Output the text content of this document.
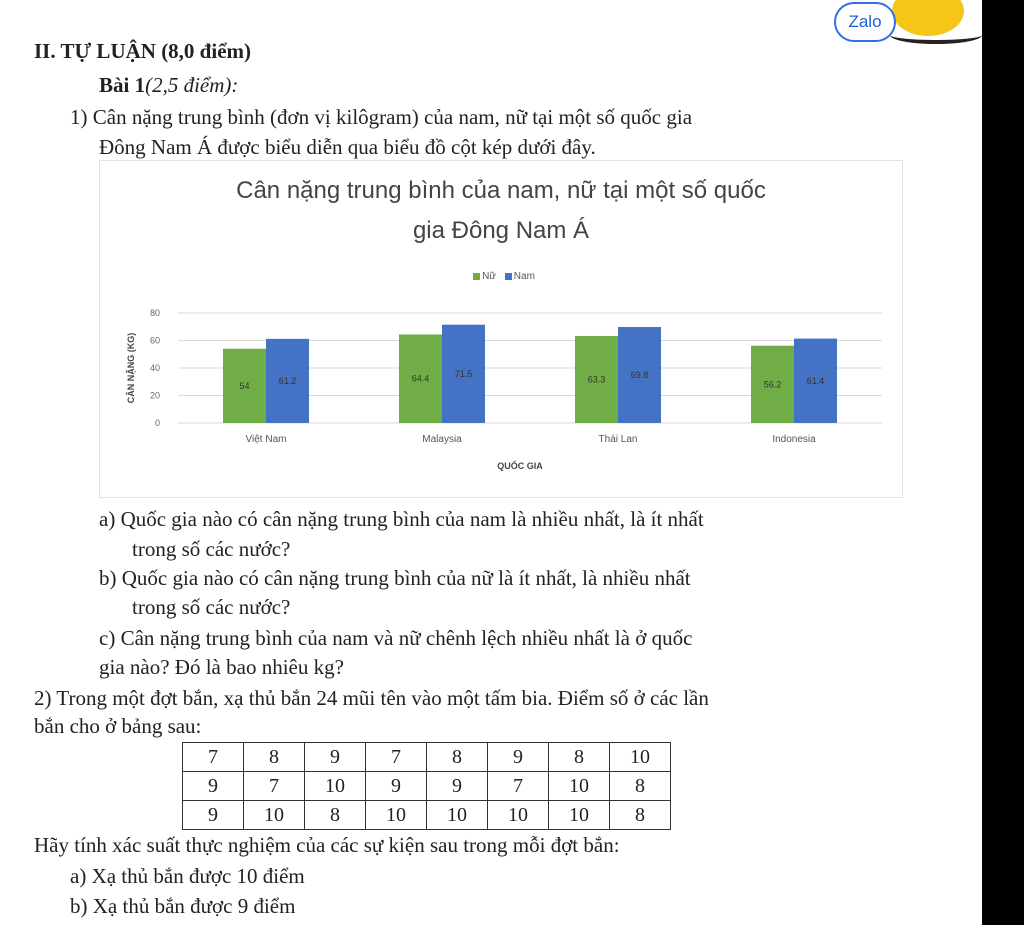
Zalo
II. TỰ LUẬN (8,0 điểm)
Bài 1(2,5 điểm):
1) Cân nặng trung bình (đơn vị kilôgram) của nam, nữ tại một số quốc gia
Đông Nam Á được biểu diễn qua biểu đồ cột kép dưới đây.
Cân nặng trung bình của nam, nữ tại một số quốc
gia Đông Nam Á
Nữ Nam
0
20
40
60
80
CÂN NẶNG (KG)	54	61.2
Việt Nam
64.4	71.5
Malaysia
63.3	69.8
Thái Lan
56.2	61.4
Indonesia
QUỐC GIA
a) Quốc gia nào có cân nặng trung bình của nam là nhiều nhất, là ít nhất
trong số các nước?
b) Quốc gia nào có cân nặng trung bình của nữ là ít nhất, là nhiều nhất
trong số các nước?
c) Cân nặng trung bình của nam và nữ chênh lệch nhiều nhất là ở quốc
gia nào? Đó là bao nhiêu kg?
2) Trong một đợt bắn, xạ thủ bắn 24 mũi tên vào một tấm bia. Điểm số ở các lần
bắn cho ở bảng sau:
7	8	9	7	8	9	8	10
9	7	10	9	9	7	10	8
9	10	8	10	10	10	10	8
Hãy tính xác suất thực nghiệm của các sự kiện sau trong mỗi đợt bắn:
a) Xạ thủ bắn được 10 điểm
b) Xạ thủ bắn được 9 điểm
